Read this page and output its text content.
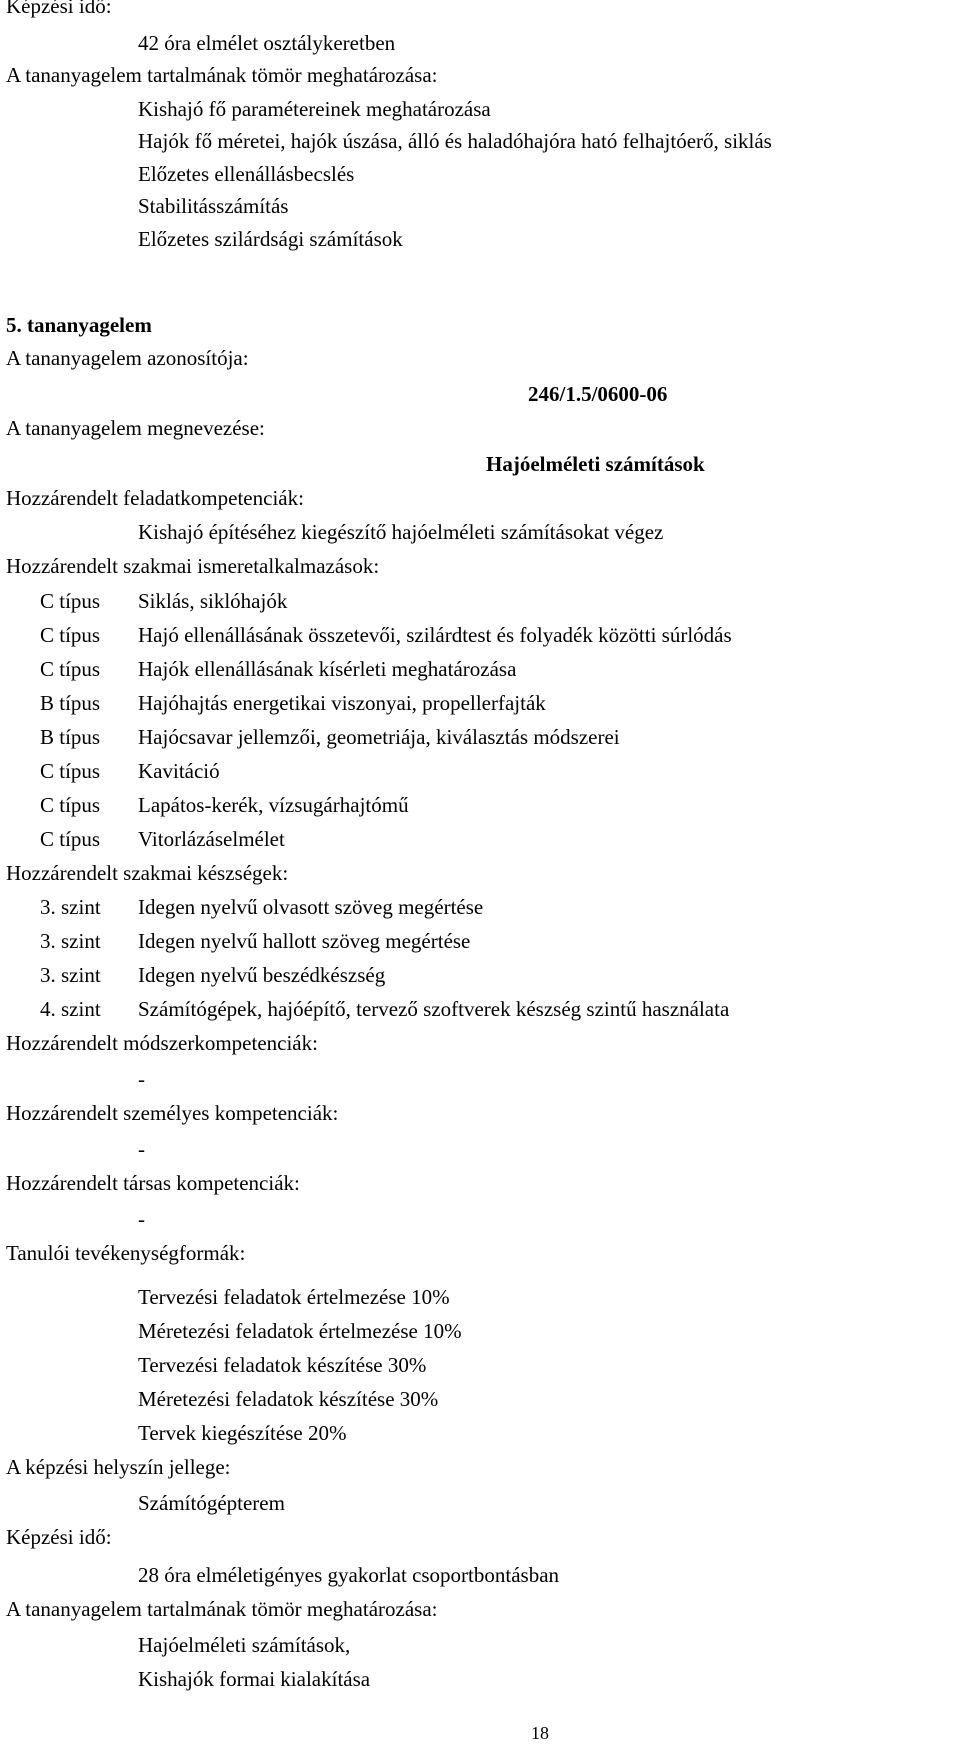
Képzési idő:
42 óra elmélet osztálykeretben
A tananyagelem tartalmának tömör meghatározása:
Kishajó fő paramétereinek meghatározása
Hajók fő méretei, hajók úszása, álló és haladóhajóra ható felhajtóerő, siklás
Előzetes ellenállásbecslés
Stabilitásszámítás
Előzetes szilárdsági számítások
5. tananyagelem
A tananyagelem azonosítója:
246/1.5/0600-06
A tananyagelem megnevezése:
Hajóelméleti számítások
Hozzárendelt feladatkompetenciák:
Kishajó építéséhez kiegészítő hajóelméleti számításokat végez
Hozzárendelt szakmai ismeretalkalmazások:
C típus Siklás, siklóhajók
C típus Hajó ellenállásának összetevői, szilárdtest és folyadék közötti súrlódás
C típus Hajók ellenállásának kísérleti meghatározása
B típus Hajóhajtás energetikai viszonyai, propellerfajták
B típus Hajócsavar jellemzői, geometriája, kiválasztás módszerei
C típus Kavitáció
C típus Lapátos-kerék, vízsugárhajtómű
C típus Vitorlázáselmélet
Hozzárendelt szakmai készségek:
3. szint Idegen nyelvű olvasott szöveg megértése
3. szint Idegen nyelvű hallott szöveg megértése
3. szint Idegen nyelvű beszédkészség
4. szint Számítógépek, hajóépítő, tervező szoftverek készség szintű használata
Hozzárendelt módszerkompetenciák:
-
Hozzárendelt személyes kompetenciák:
-
Hozzárendelt társas kompetenciák:
-
Tanulói tevékenységformák:
Tervezési feladatok értelmezése 10%
Méretezési feladatok értelmezése 10%
Tervezési feladatok készítése 30%
Méretezési feladatok készítése 30%
Tervek kiegészítése 20%
A képzési helyszín jellege:
Számítógépterem
Képzési idő:
28 óra elméletigényes gyakorlat csoportbontásban
A tananyagelem tartalmának tömör meghatározása:
Hajóelméleti számítások,
Kishajók formai kialakítása
18
